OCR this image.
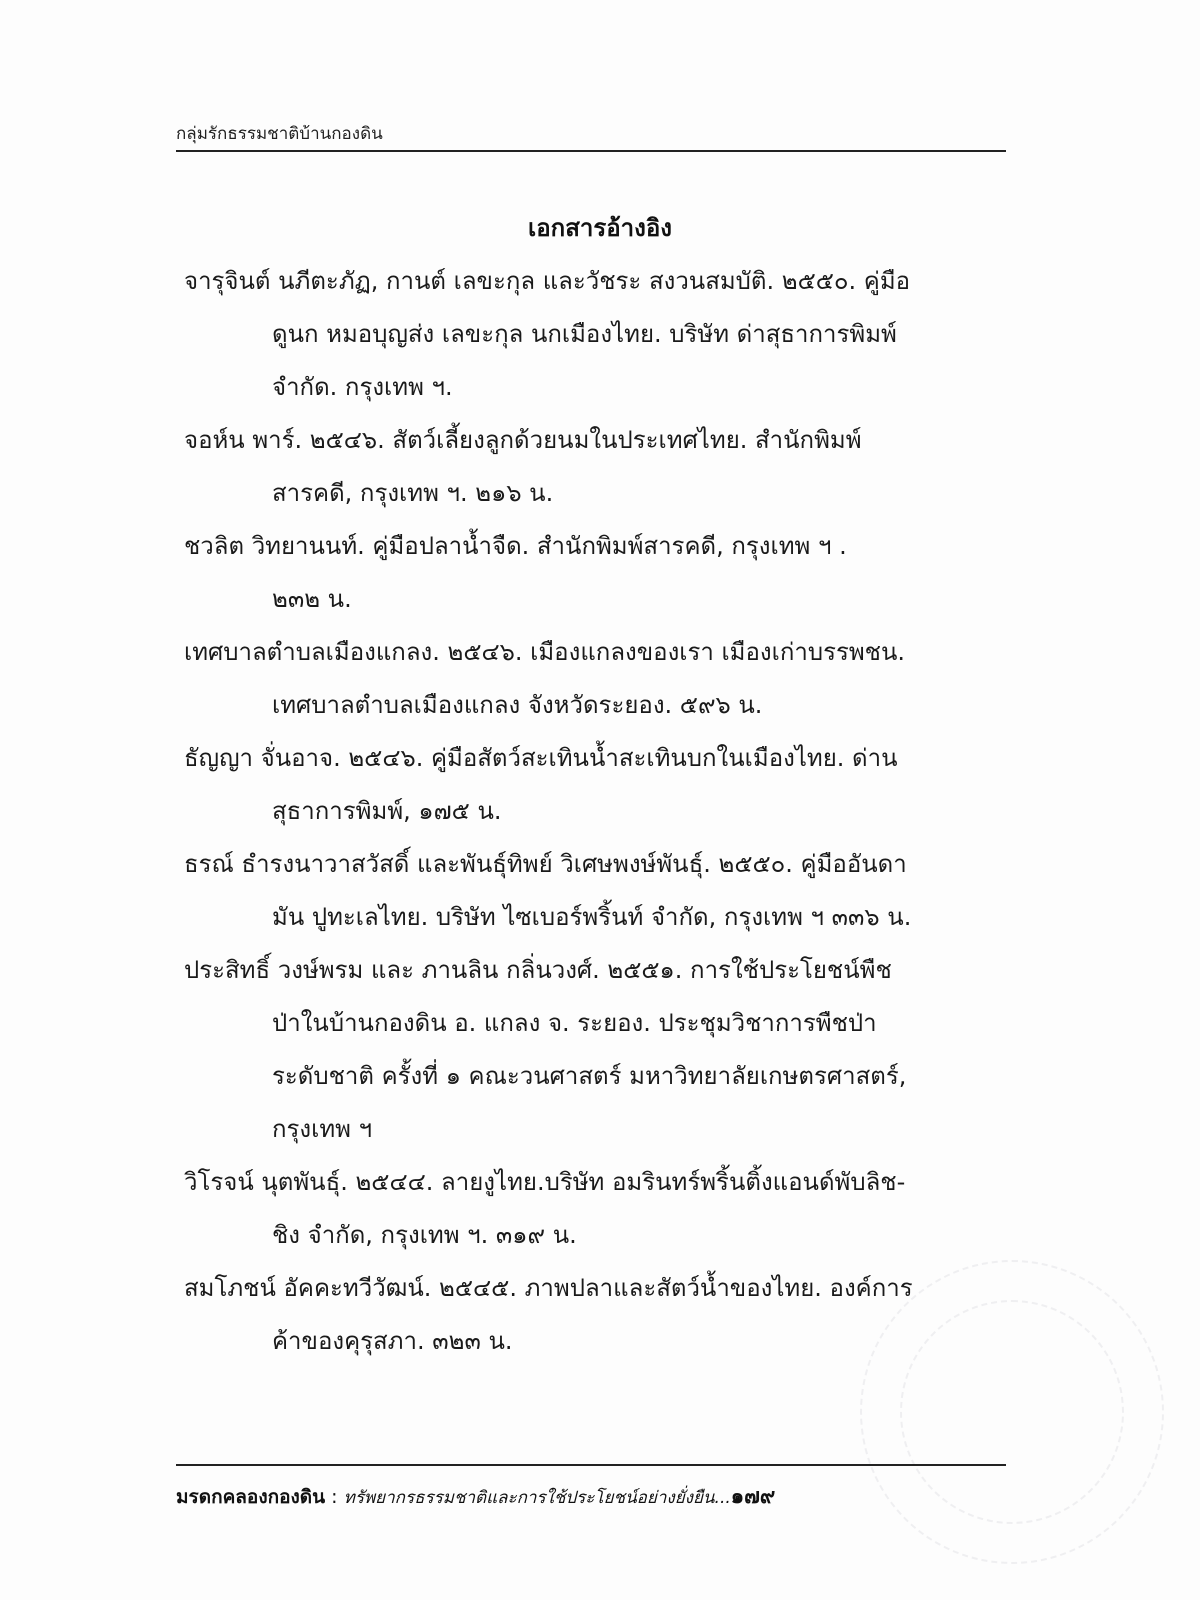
กลุ่มรักธรรมชาติบ้านกองดิน
เอกสารอ้างอิง
จารุจินต์ นภีตะภัฏ, กานต์ เลขะกุล และวัชระ สงวนสมบัติ. ๒๕๕๐. คู่มือ
ดูนก หมอบุญส่ง เลขะกุล นกเมืองไทย. บริษัท ด่าสุธาการพิมพ์
จำกัด. กรุงเทพ ฯ.
จอห์น พาร์. ๒๕๔๖. สัตว์เลี้ยงลูกด้วยนมในประเทศไทย. สำนักพิมพ์
สารคดี, กรุงเทพ ฯ. ๒๑๖ น.
ชวลิต วิทยานนท์. คู่มือปลาน้ำจืด. สำนักพิมพ์สารคดี, กรุงเทพ ฯ .
๒๓๒ น.
เทศบาลตำบลเมืองแกลง. ๒๕๔๖. เมืองแกลงของเรา เมืองเก่าบรรพชน.
เทศบาลตำบลเมืองแกลง จังหวัดระยอง. ๕๙๖ น.
ธัญญา จั่นอาจ. ๒๕๔๖. คู่มือสัตว์สะเทินน้ำสะเทินบกในเมืองไทย. ด่าน
สุธาการพิมพ์, ๑๗๕ น.
ธรณ์ ธำรงนาวาสวัสดิ์ และพันธุ์ทิพย์ วิเศษพงษ์พันธุ์. ๒๕๕๐. คู่มืออันดา
มัน ปูทะเลไทย. บริษัท ไซเบอร์พริ้นท์ จำกัด, กรุงเทพ ฯ ๓๓๖ น.
ประสิทธิ์ วงษ์พรม และ ภานลิน กลิ่นวงศ์. ๒๕๕๑. การใช้ประโยชน์พืช
ป่าในบ้านกองดิน อ. แกลง จ. ระยอง. ประชุมวิชาการพืชป่า
ระดับชาติ ครั้งที่ ๑ คณะวนศาสตร์ มหาวิทยาลัยเกษตรศาสตร์,
กรุงเทพ ฯ
วิโรจน์ นุตพันธุ์. ๒๕๔๔. ลายงูไทย.บริษัท อมรินทร์พริ้นติ้งแอนด์พับลิช-
ชิง จำกัด, กรุงเทพ ฯ. ๓๑๙ น.
สมโภชน์ อัคคะทวีวัฒน์. ๒๕๔๕. ภาพปลาและสัตว์น้ำของไทย. องค์การ
ค้าของคุรุสภา. ๓๒๓ น.
มรดกคลองกองดิน : ทรัพยากรธรรมชาติและการใช้ประโยชน์อย่างยั่งยืน...๑๗๙
